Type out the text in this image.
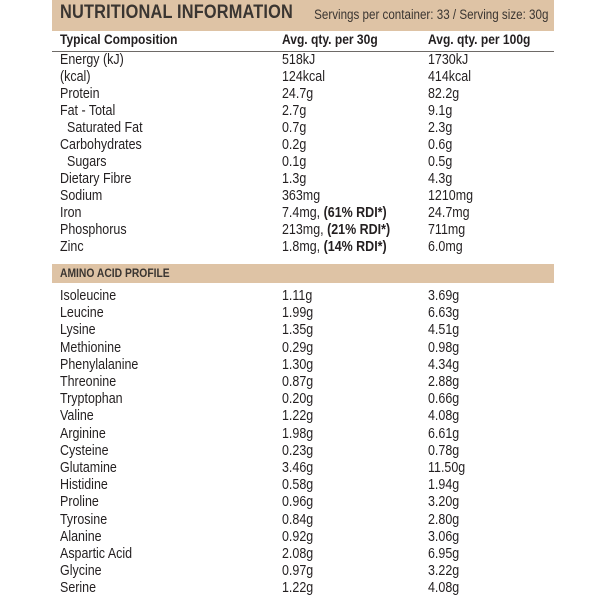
NUTRITIONAL INFORMATION Servings per container: 33 / Serving size: 30g
Typical Composition	Avg. qty. per 30g	Avg. qty. per 100g
Energy (kJ)	518kJ	1730kJ
(kcal)	124kcal	414kcal
Protein	24.7g	82.2g
Fat - Total	2.7g	9.1g
Saturated Fat	0.7g	2.3g
Carbohydrates	0.2g	0.6g
Sugars	0.1g	0.5g
Dietary Fibre	1.3g	4.3g
Sodium	363mg	1210mg
Iron	7.4mg, (61% RDI*)	24.7mg
Phosphorus	213mg, (21% RDI*)	711mg
Zinc	1.8mg, (14% RDI*)	6.0mg
AMINO ACID PROFILE
Isoleucine	1.11g	3.69g
Leucine	1.99g	6.63g
Lysine	1.35g	4.51g
Methionine	0.29g	0.98g
Phenylalanine	1.30g	4.34g
Threonine	0.87g	2.88g
Tryptophan	0.20g	0.66g
Valine	1.22g	4.08g
Arginine	1.98g	6.61g
Cysteine	0.23g	0.78g
Glutamine	3.46g	11.50g
Histidine	0.58g	1.94g
Proline	0.96g	3.20g
Tyrosine	0.84g	2.80g
Alanine	0.92g	3.06g
Aspartic Acid	2.08g	6.95g
Glycine	0.97g	3.22g
Serine	1.22g	4.08g
